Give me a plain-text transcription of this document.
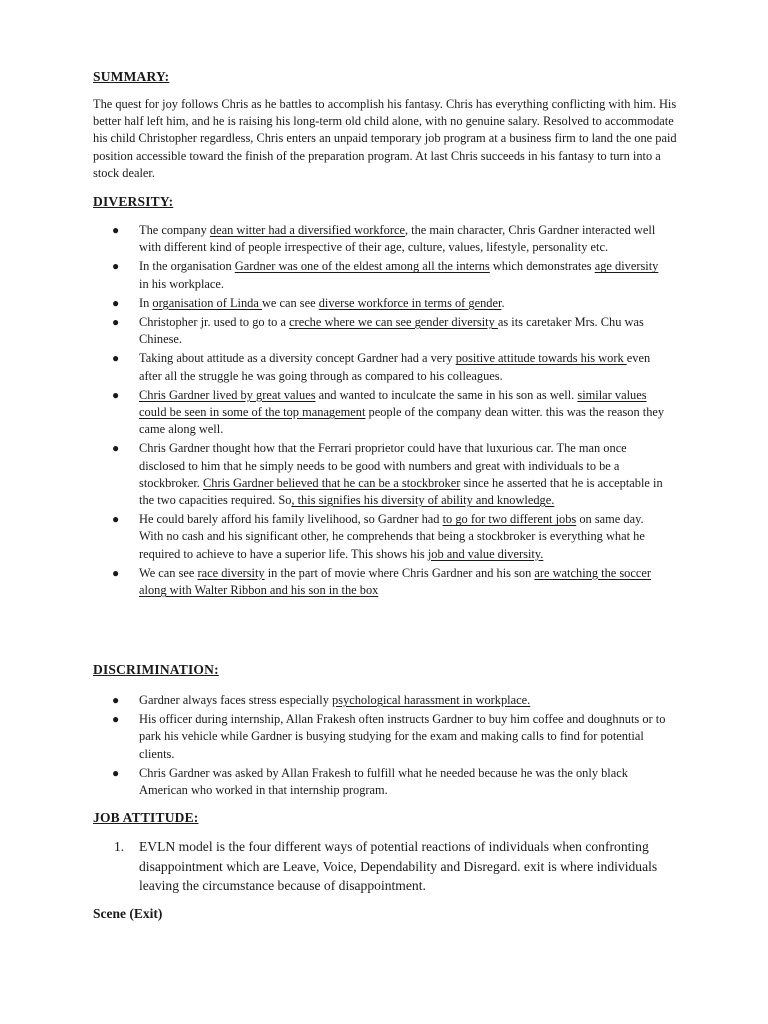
SUMMARY:

The quest for joy follows Chris as he battles to accomplish his fantasy. Chris has everything conflicting with him. His better half left him, and he is raising his long-term old child alone, with no genuine salary. Resolved to accommodate his child Christopher regardless, Chris enters an unpaid temporary job program at a business firm to land the one paid position accessible toward the finish of the preparation program. At last Chris succeeds in his fantasy to turn into a stock dealer.

DIVERSITY:

● The company dean witter had a diversified workforce, the main character, Chris Gardner interacted well with different kind of people irrespective of their age, culture, values, lifestyle, personality etc.
● In the organisation Gardner was one of the eldest among all the interns which demonstrates age diversity in his workplace.
● In organisation of Linda we can see diverse workforce in terms of gender.
● Christopher jr. used to go to a creche where we can see gender diversity as its caretaker Mrs. Chu was Chinese.
● Taking about attitude as a diversity concept Gardner had a very positive attitude towards his work even after all the struggle he was going through as compared to his colleagues.
● Chris Gardner lived by great values and wanted to inculcate the same in his son as well. similar values could be seen in some of the top management people of the company dean witter. this was the reason they came along well.
● Chris Gardner thought how that the Ferrari proprietor could have that luxurious car. The man once disclosed to him that he simply needs to be good with numbers and great with individuals to be a stockbroker. Chris Gardner believed that he can be a stockbroker since he asserted that he is acceptable in the two capacities required. So, this signifies his diversity of ability and knowledge.
● He could barely afford his family livelihood, so Gardner had to go for two different jobs on same day. With no cash and his significant other, he comprehends that being a stockbroker is everything what he required to achieve to have a superior life. This shows his job and value diversity.
● We can see race diversity in the part of movie where Chris Gardner and his son are watching the soccer along with Walter Ribbon and his son in the box

DISCRIMINATION:

● Gardner always faces stress especially psychological harassment in workplace.
● His officer during internship, Allan Frakesh often instructs Gardner to buy him coffee and doughnuts or to park his vehicle while Gardner is busying studying for the exam and making calls to find for potential clients.
● Chris Gardner was asked by Allan Frakesh to fulfill what he needed because he was the only black American who worked in that internship program.

JOB ATTITUDE:

1. EVLN model is the four different ways of potential reactions of individuals when confronting disappointment which are Leave, Voice, Dependability and Disregard. exit is where individuals leaving the circumstance because of disappointment.

Scene (Exit)
